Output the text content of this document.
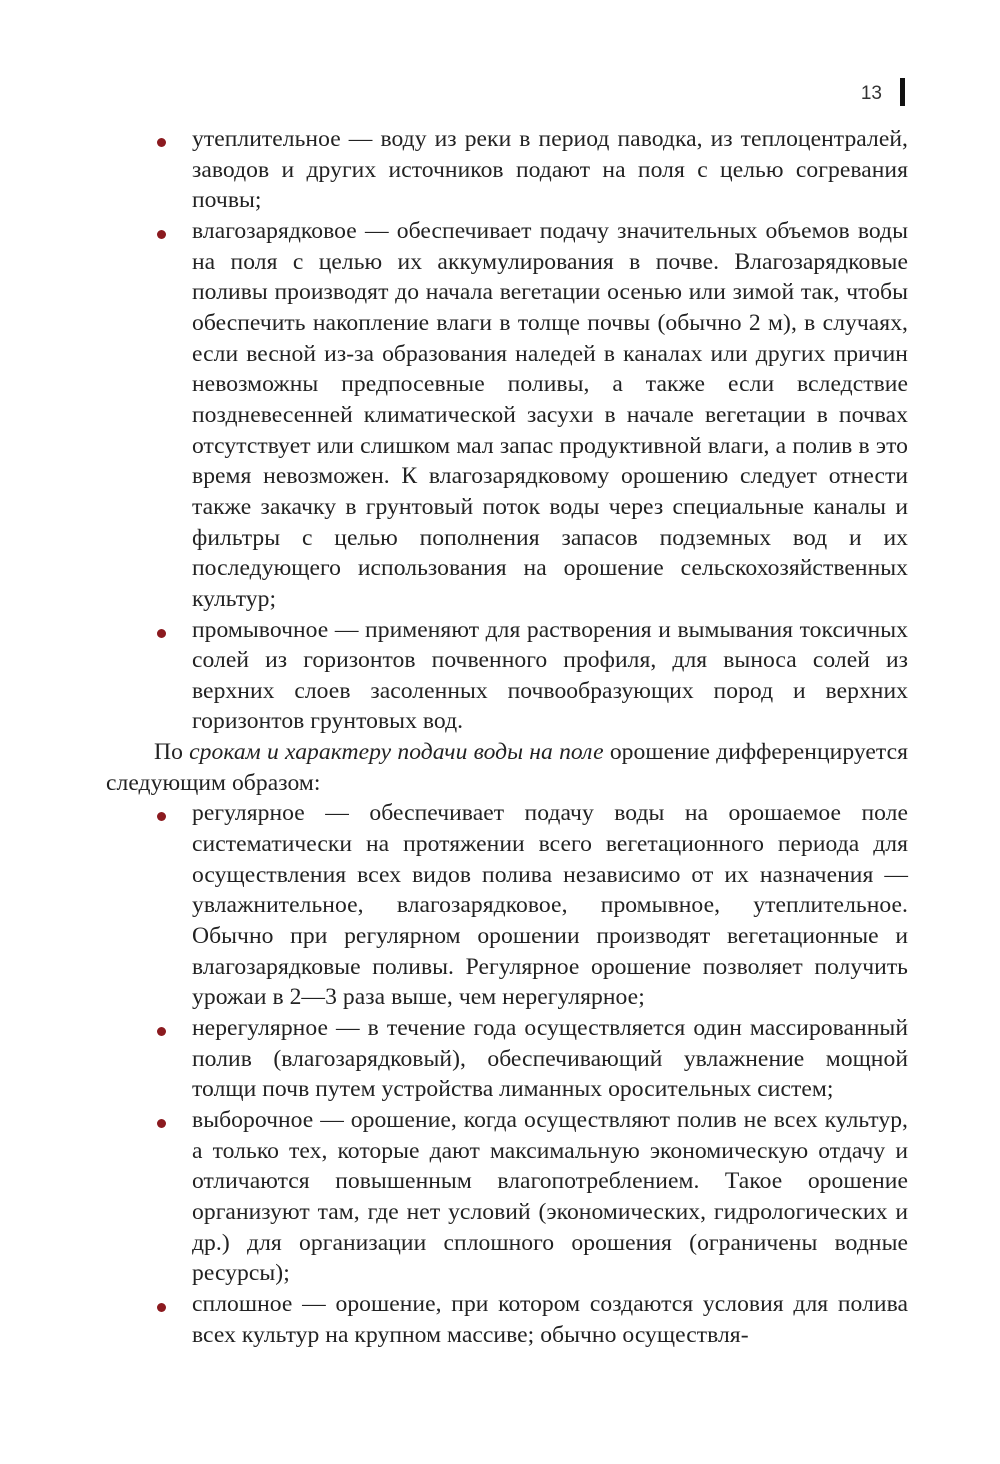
13
утеплительное — воду из реки в период паводка, из теплоцентралей, заводов и других источников подают на поля с целью согревания почвы;
влагозарядковое — обеспечивает подачу значительных объемов воды на поля с целью их аккумулирования в почве. Влагозарядковые поливы производят до начала вегетации осенью или зимой так, чтобы обеспечить накопление влаги в толще почвы (обычно 2 м), в случаях, если весной из-за образования наледей в каналах или других причин невозможны предпосевные поливы, а также если вследствие поздневесенней климатической засухи в начале вегетации в почвах отсутствует или слишком мал запас продуктивной влаги, а полив в это время невозможен. К влагозарядковому орошению следует отнести также закачку в грунтовый поток воды через специальные каналы и фильтры с целью пополнения запасов подземных вод и их последующего использования на орошение сельскохозяйственных культур;
промывочное — применяют для растворения и вымывания токсичных солей из горизонтов почвенного профиля, для выноса солей из верхних слоев засоленных почвообразующих пород и верхних горизонтов грунтовых вод.

По срокам и характеру подачи воды на поле орошение дифференцируется следующим образом:

регулярное — обеспечивает подачу воды на орошаемое поле систематически на протяжении всего вегетационного периода для осуществления всех видов полива независимо от их назначения — увлажнительное, влагозарядковое, промывное, утеплительное. Обычно при регулярном орошении производят вегетационные и влагозарядковые поливы. Регулярное орошение позволяет получить урожаи в 2—3 раза выше, чем нерегулярное;
нерегулярное — в течение года осуществляется один массированный полив (влагозарядковый), обеспечивающий увлажнение мощной толщи почв путем устройства лиманных оросительных систем;
выборочное — орошение, когда осуществляют полив не всех культур, а только тех, которые дают максимальную экономическую отдачу и отличаются повышенным влагопотреблением. Такое орошение организуют там, где нет условий (экономических, гидрологических и др.) для организации сплошного орошения (ограничены водные ресурсы);
сплошное — орошение, при котором создаются условия для полива всех культур на крупном массиве; обычно осуществля-
